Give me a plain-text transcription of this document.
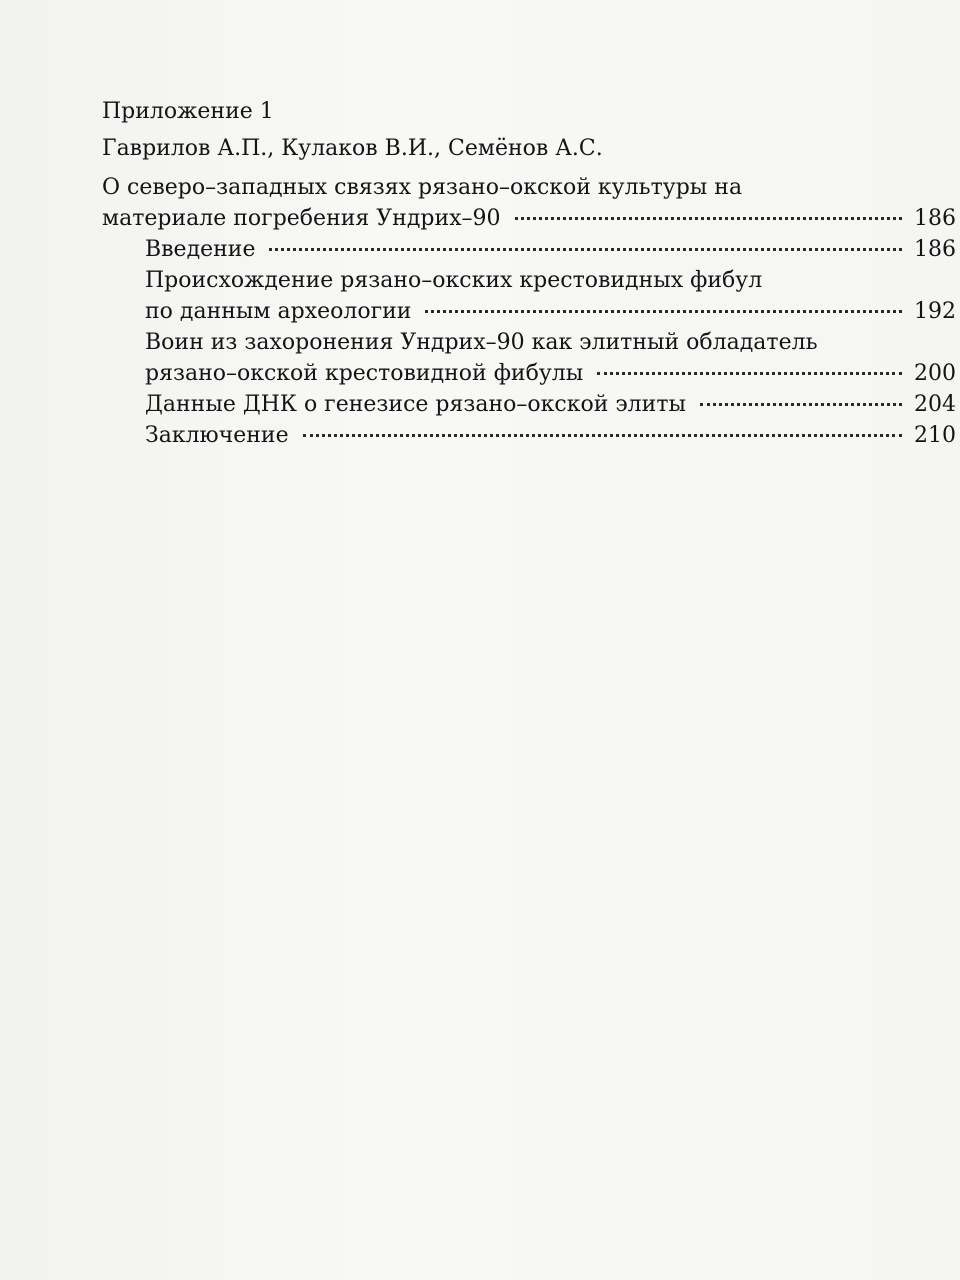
Приложение 1
Гаврилов А.П., Кулаков В.И., Семёнов А.С.
О северо–западных связях рязано–окской культуры на
материале погребения Ундрих–90	186
Введение	186
Происхождение рязано–окских крестовидных фибул
по данным археологии	192
Воин из захоронения Ундрих–90 как элитный обладатель
рязано–окской крестовидной фибулы	200
Данные ДНК о генезисе рязано–окской элиты	204
Заключение	210
